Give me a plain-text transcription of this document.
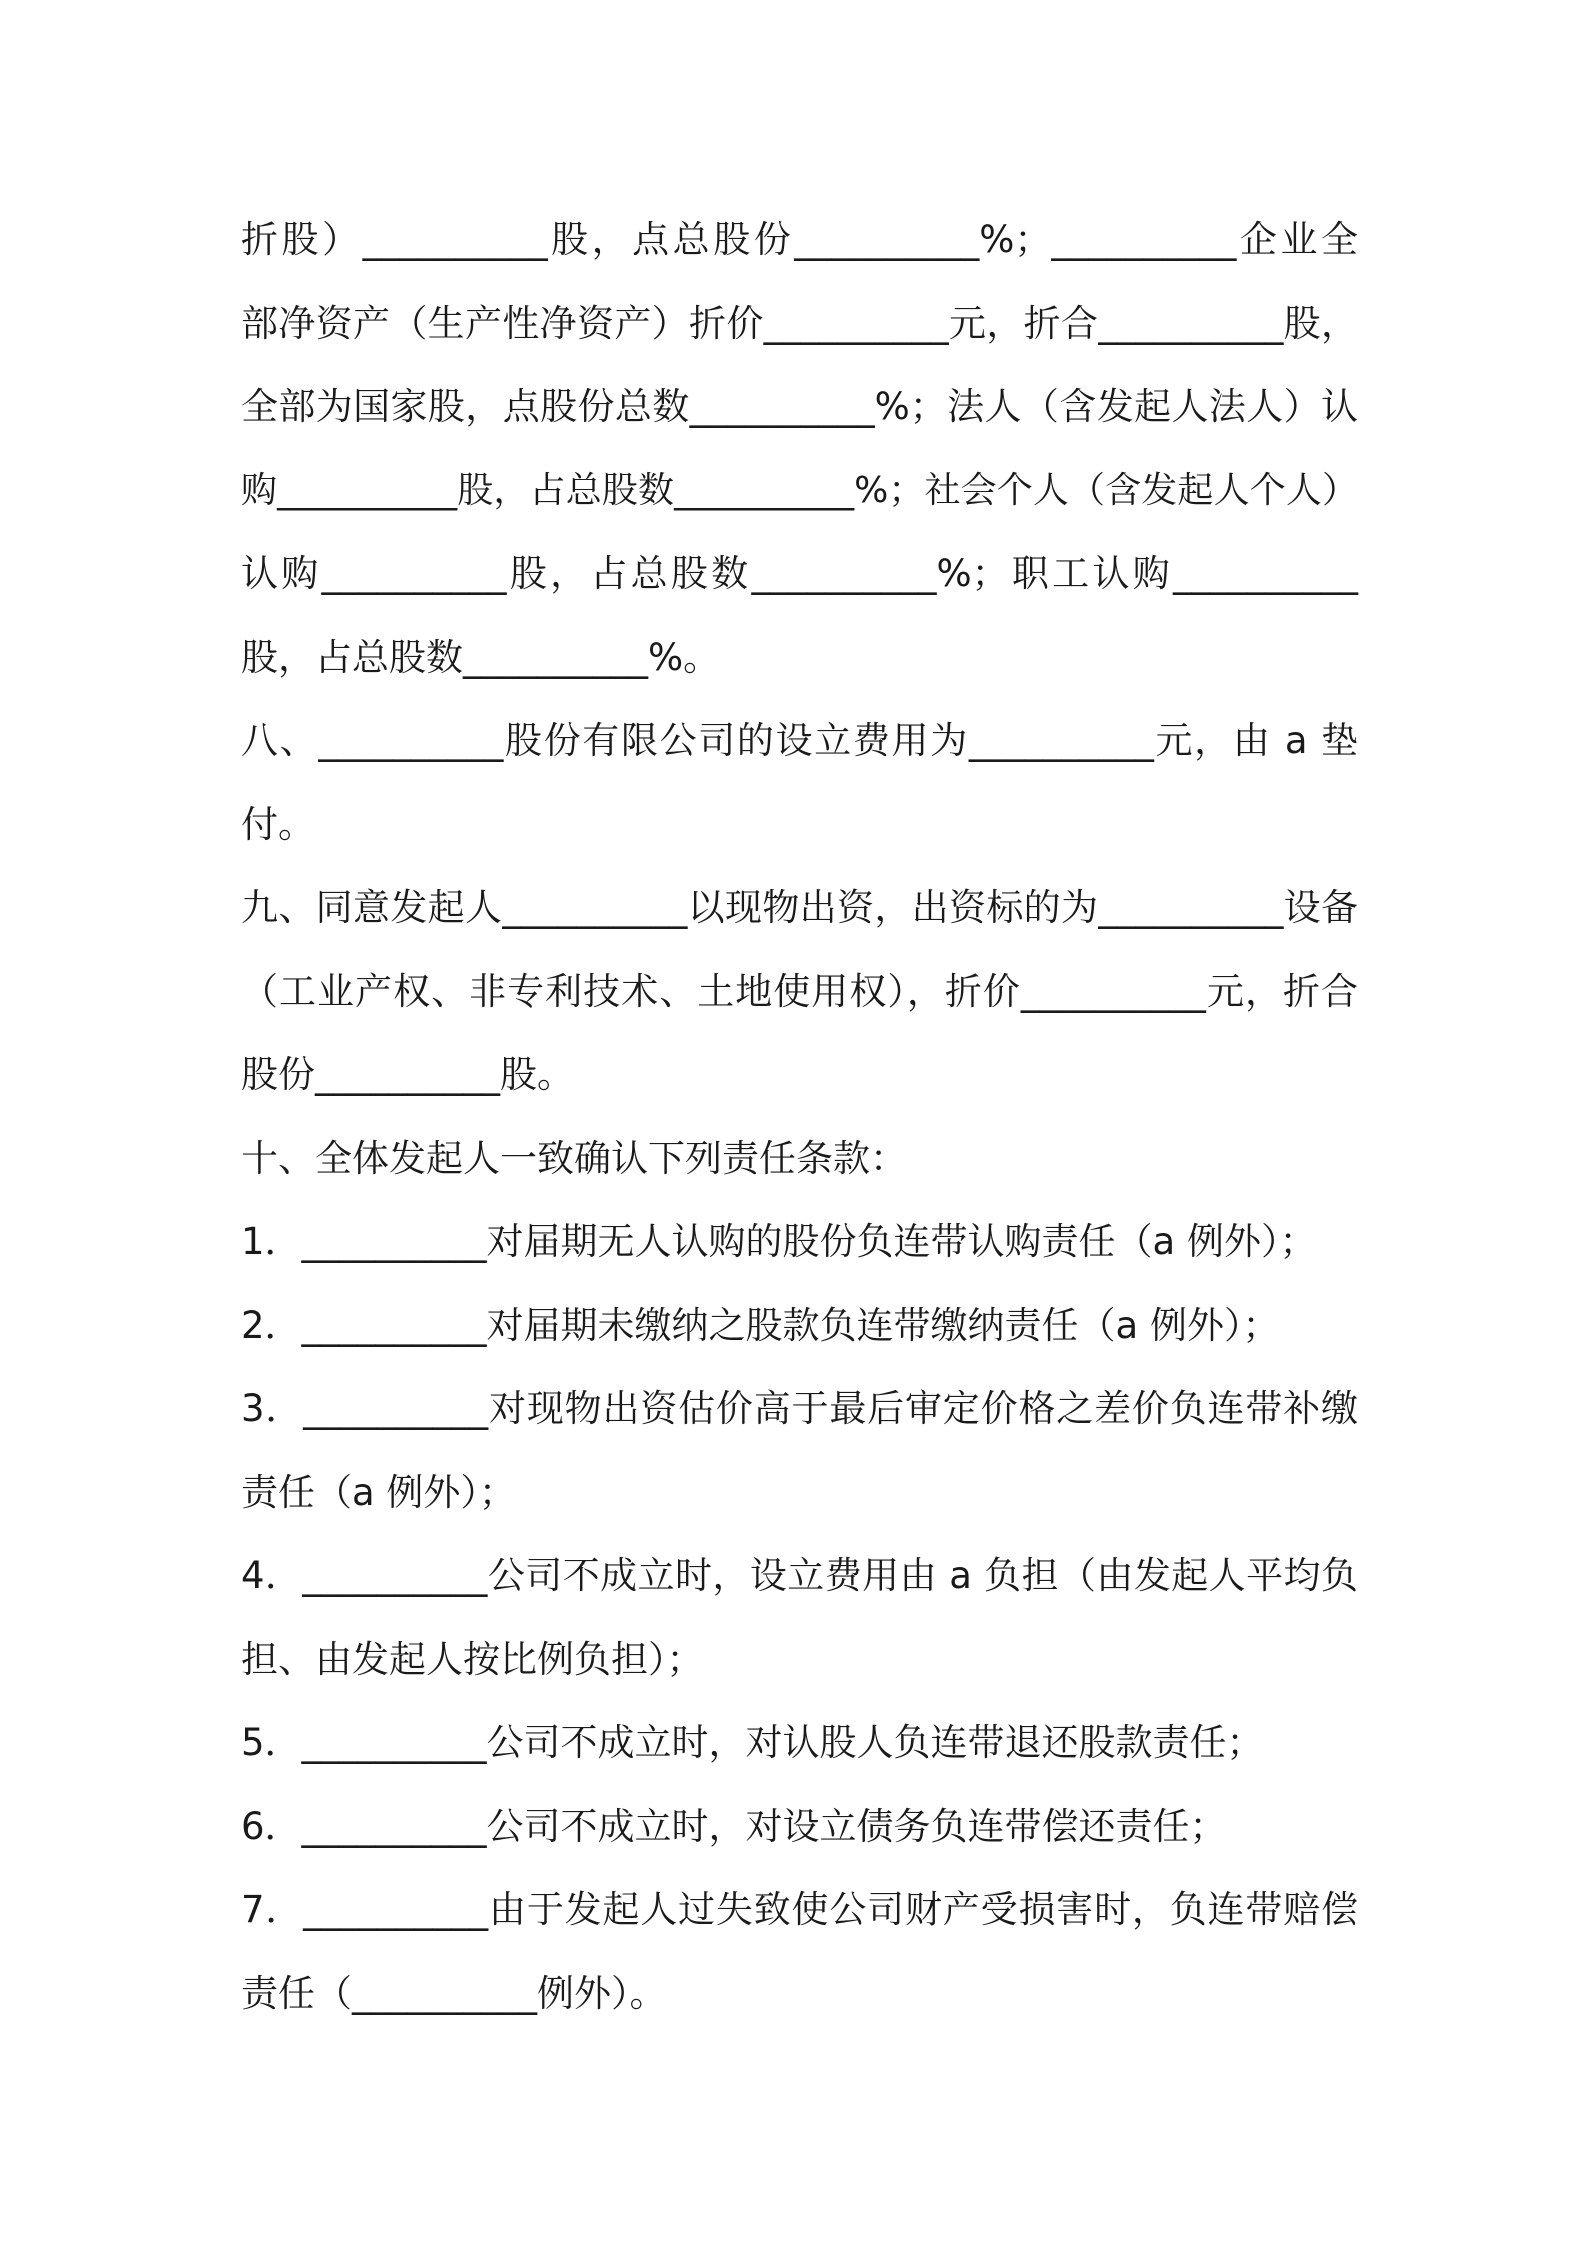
折股）__________股，点总股份__________%；__________企业全
部净资产（生产性净资产）折价__________元，折合__________股，
全部为国家股，点股份总数__________%；法人（含发起人法人）认
购__________股，占总股数__________%；社会个人（含发起人个人）
认购__________股，占总股数__________%；职工认购__________
股，占总股数__________%。
八、__________股份有限公司的设立费用为__________元，由 a 垫
付。
九、同意发起人__________以现物出资，出资标的为__________设备
（工业产权、非专利技术、土地使用权），折价__________元，折合
股份__________股。
十、全体发起人一致确认下列责任条款：
1．__________对届期无人认购的股份负连带认购责任（a 例外）；
2．__________对届期未缴纳之股款负连带缴纳责任（a 例外）；
3．__________对现物出资估价高于最后审定价格之差价负连带补缴
责任（a 例外）；
4．__________公司不成立时，设立费用由 a 负担（由发起人平均负
担、由发起人按比例负担）；
5．__________公司不成立时，对认股人负连带退还股款责任；
6．__________公司不成立时，对设立债务负连带偿还责任；
7．__________由于发起人过失致使公司财产受损害时，负连带赔偿
责任（__________例外）。
